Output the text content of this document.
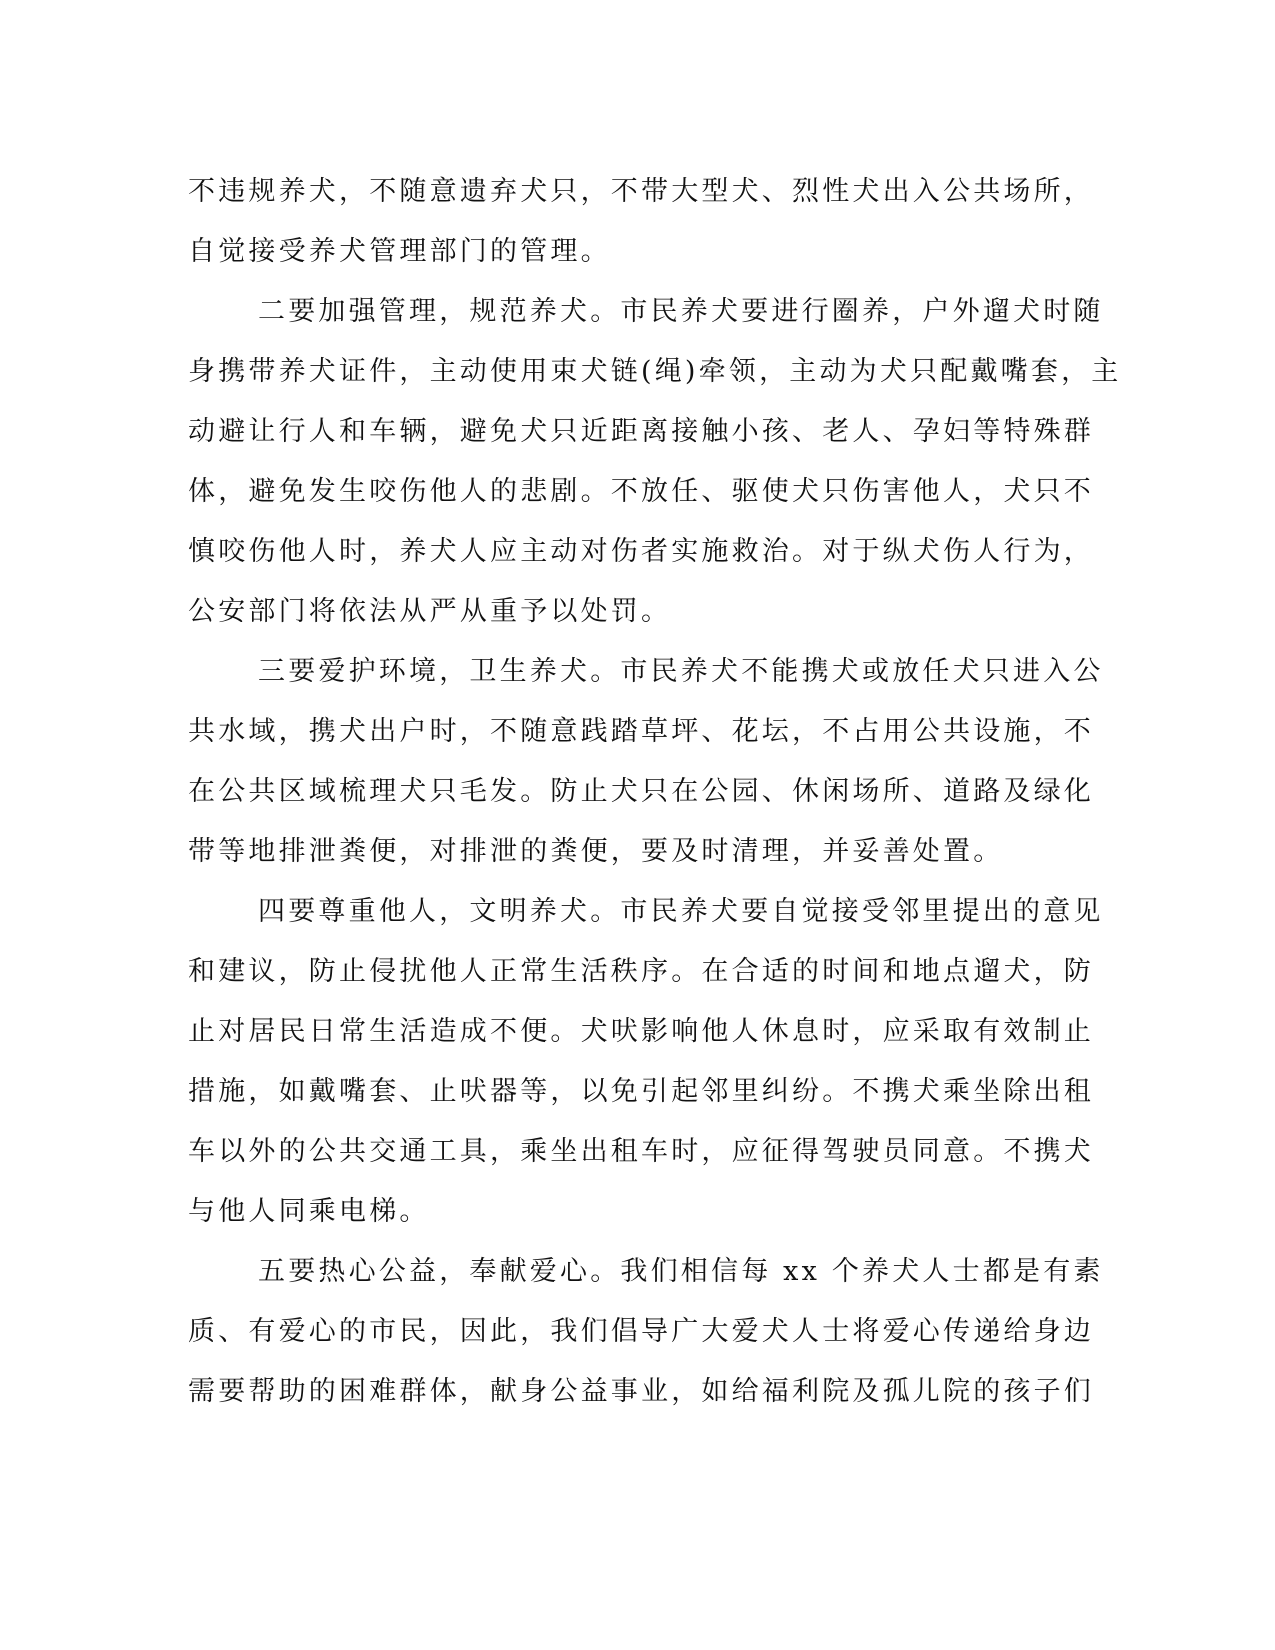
不违规养犬，不随意遗弃犬只，不带大型犬、烈性犬出入公共场所，
自觉接受养犬管理部门的管理。
二要加强管理，规范养犬。市民养犬要进行圈养，户外遛犬时随
身携带养犬证件，主动使用束犬链(绳)牵领，主动为犬只配戴嘴套，主
动避让行人和车辆，避免犬只近距离接触小孩、老人、孕妇等特殊群
体，避免发生咬伤他人的悲剧。不放任、驱使犬只伤害他人，犬只不
慎咬伤他人时，养犬人应主动对伤者实施救治。对于纵犬伤人行为，
公安部门将依法从严从重予以处罚。
三要爱护环境，卫生养犬。市民养犬不能携犬或放任犬只进入公
共水域，携犬出户时，不随意践踏草坪、花坛，不占用公共设施，不
在公共区域梳理犬只毛发。防止犬只在公园、休闲场所、道路及绿化
带等地排泄粪便，对排泄的粪便，要及时清理，并妥善处置。
四要尊重他人，文明养犬。市民养犬要自觉接受邻里提出的意见
和建议，防止侵扰他人正常生活秩序。在合适的时间和地点遛犬，防
止对居民日常生活造成不便。犬吠影响他人休息时，应采取有效制止
措施，如戴嘴套、止吠器等，以免引起邻里纠纷。不携犬乘坐除出租
车以外的公共交通工具，乘坐出租车时，应征得驾驶员同意。不携犬
与他人同乘电梯。
五要热心公益，奉献爱心。我们相信每 xx 个养犬人士都是有素
质、有爱心的市民，因此，我们倡导广大爱犬人士将爱心传递给身边
需要帮助的困难群体，献身公益事业，如给福利院及孤儿院的孩子们
